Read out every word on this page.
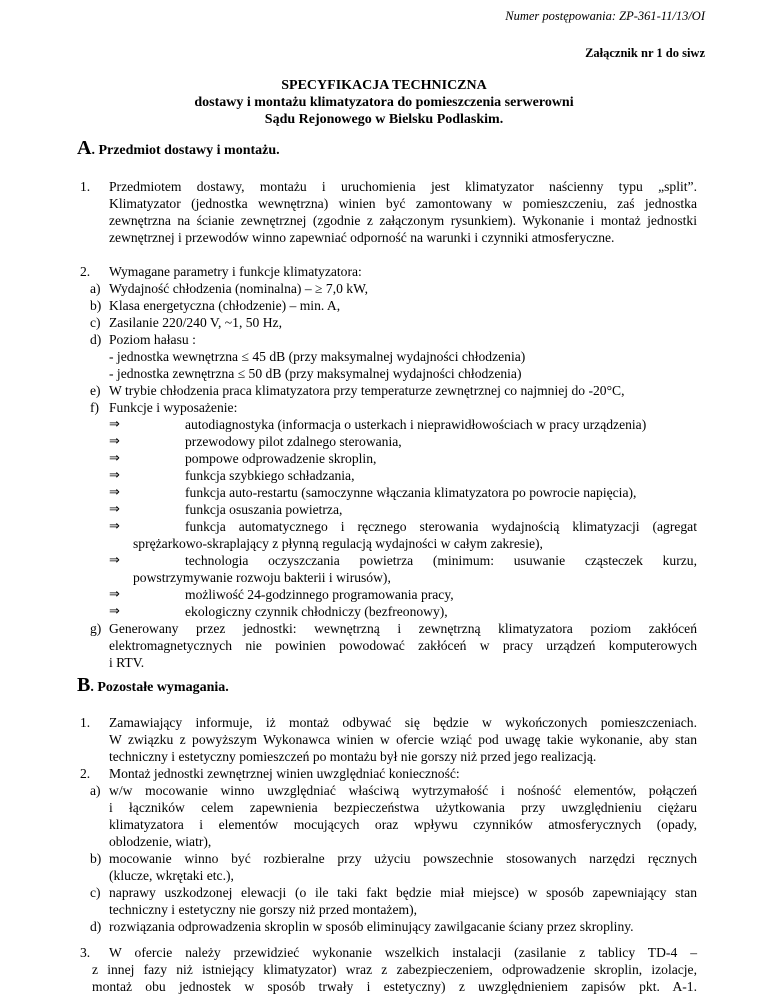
Numer postępowania: ZP-361-11/13/OI
Załącznik nr 1 do siwz
SPECYFIKACJA TECHNICZNA
dostawy i montażu klimatyzatora do pomieszczenia serwerowni
Sądu Rejonowego w Bielsku Podlaskim.
A. Przedmiot dostawy i montażu.
1. Przedmiotem dostawy, montażu i uruchomienia jest klimatyzator naścienny typu „split”.
Klimatyzator (jednostka wewnętrzna) winien być zamontowany w pomieszczeniu, zaś jednostka
zewnętrzna na ścianie zewnętrznej (zgodnie z załączonym rysunkiem). Wykonanie i montaż jednostki
zewnętrznej i przewodów winno zapewniać odporność na warunki i czynniki atmosferyczne.
2. Wymagane parametry i funkcje klimatyzatora:
a) Wydajność chłodzenia (nominalna) – ≥ 7,0 kW,
b) Klasa energetyczna (chłodzenie) – min. A,
c) Zasilanie 220/240 V, ~1, 50 Hz,
d) Poziom hałasu :
- jednostka wewnętrzna ≤ 45 dB (przy maksymalnej wydajności chłodzenia)
- jednostka zewnętrzna ≤ 50 dB (przy maksymalnej wydajności chłodzenia)
e) W trybie chłodzenia praca klimatyzatora przy temperaturze zewnętrznej co najmniej do -20°C,
f) Funkcje i wyposażenie:
⇒	autodiagnostyka (informacja o usterkach i nieprawidłowościach w pracy urządzenia)
⇒	przewodowy pilot zdalnego sterowania,
⇒	pompowe odprowadzenie skroplin,
⇒	funkcja szybkiego schładzania,
⇒	funkcja auto-restartu (samoczynne włączania klimatyzatora po powrocie napięcia),
⇒	funkcja osuszania powietrza,
⇒	funkcja automatycznego i ręcznego sterowania wydajnością klimatyzacji (agregat
sprężarkowo-skraplający z płynną regulacją wydajności w całym zakresie),
⇒	technologia oczyszczania powietrza (minimum: usuwanie cząsteczek kurzu,
powstrzymywanie rozwoju bakterii i wirusów),
⇒	możliwość 24-godzinnego programowania pracy,
⇒	ekologiczny czynnik chłodniczy (bezfreonowy),
g) Generowany przez jednostki: wewnętrzną i zewnętrzną klimatyzatora poziom zakłóceń
elektromagnetycznych nie powinien powodować zakłóceń w pracy urządzeń komputerowych
i RTV.
B. Pozostałe wymagania.
1. Zamawiający informuje, iż montaż odbywać się będzie w wykończonych pomieszczeniach.
W związku z powyższym Wykonawca winien w ofercie wziąć pod uwagę takie wykonanie, aby stan
techniczny i estetyczny pomieszczeń po montażu był nie gorszy niż przed jego realizacją.
2. Montaż jednostki zewnętrznej winien uwzględniać konieczność:
a) w/w mocowanie winno uwzględniać właściwą wytrzymałość i nośność elementów, połączeń
i łączników celem zapewnienia bezpieczeństwa użytkowania przy uwzględnieniu ciężaru
klimatyzatora i elementów mocujących oraz wpływu czynników atmosferycznych (opady,
oblodzenie, wiatr),
b) mocowanie winno być rozbieralne przy użyciu powszechnie stosowanych narzędzi ręcznych
(klucze, wkrętaki etc.),
c) naprawy uszkodzonej elewacji (o ile taki fakt będzie miał miejsce) w sposób zapewniający stan
techniczny i estetyczny nie gorszy niż przed montażem),
d) rozwiązania odprowadzenia skroplin w sposób eliminujący zawilgacanie ściany przez skropliny.
3. W ofercie należy przewidzieć wykonanie wszelkich instalacji (zasilanie z tablicy TD-4 –
z innej fazy niż istniejący klimatyzator) wraz z zabezpieczeniem, odprowadzenie skroplin, izolacje,
montaż obu jednostek w sposób trwały i estetyczny) z uwzględnieniem zapisów pkt. A-1.
